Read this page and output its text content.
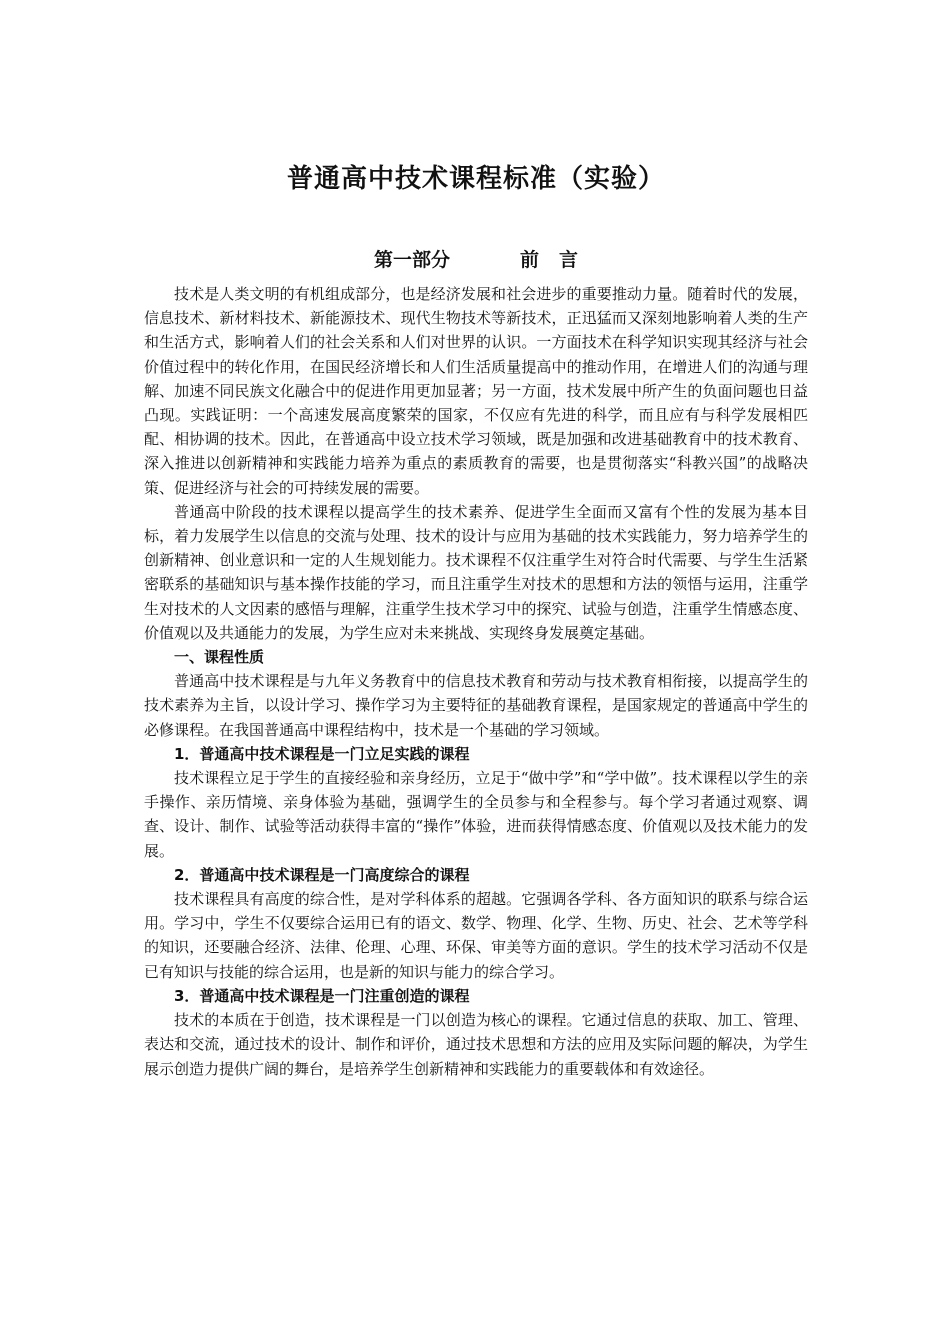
普通高中技术课程标准（实验）
第一部分	前 言

技术是人类文明的有机组成部分，也是经济发展和社会进步的重要推动力量。随着时代的发展，信息技术、新材料技术、新能源技术、现代生物技术等新技术，正迅猛而又深刻地影响着人类的生产和生活方式，影响着人们的社会关系和人们对世界的认识。一方面技术在科学知识实现其经济与社会价值过程中的转化作用，在国民经济增长和人们生活质量提高中的推动作用，在增进人们的沟通与理解、加速不同民族文化融合中的促进作用更加显著；另一方面，技术发展中所产生的负面问题也日益凸现。实践证明：一个高速发展高度繁荣的国家，不仅应有先进的科学，而且应有与科学发展相匹配、相协调的技术。因此，在普通高中设立技术学习领域，既是加强和改进基础教育中的技术教育、深入推进以创新精神和实践能力培养为重点的素质教育的需要，也是贯彻落实“科教兴国”的战略决策、促进经济与社会的可持续发展的需要。

普通高中阶段的技术课程以提高学生的技术素养、促进学生全面而又富有个性的发展为基本目标，着力发展学生以信息的交流与处理、技术的设计与应用为基础的技术实践能力，努力培养学生的创新精神、创业意识和一定的人生规划能力。技术课程不仅注重学生对符合时代需要、与学生生活紧密联系的基础知识与基本操作技能的学习，而且注重学生对技术的思想和方法的领悟与运用，注重学生对技术的人文因素的感悟与理解，注重学生技术学习中的探究、试验与创造，注重学生情感态度、价值观以及共通能力的发展，为学生应对未来挑战、实现终身发展奠定基础。

一、课程性质

普通高中技术课程是与九年义务教育中的信息技术教育和劳动与技术教育相衔接，以提高学生的技术素养为主旨，以设计学习、操作学习为主要特征的基础教育课程，是国家规定的普通高中学生的必修课程。在我国普通高中课程结构中，技术是一个基础的学习领域。

1．普通高中技术课程是一门立足实践的课程

技术课程立足于学生的直接经验和亲身经历，立足于“做中学”和“学中做”。技术课程以学生的亲手操作、亲历情境、亲身体验为基础，强调学生的全员参与和全程参与。每个学习者通过观察、调查、设计、制作、试验等活动获得丰富的“操作”体验，进而获得情感态度、价值观以及技术能力的发展。

2．普通高中技术课程是一门高度综合的课程

技术课程具有高度的综合性，是对学科体系的超越。它强调各学科、各方面知识的联系与综合运用。学习中，学生不仅要综合运用已有的语文、数学、物理、化学、生物、历史、社会、艺术等学科的知识，还要融合经济、法律、伦理、心理、环保、审美等方面的意识。学生的技术学习活动不仅是已有知识与技能的综合运用，也是新的知识与能力的综合学习。

3．普通高中技术课程是一门注重创造的课程

技术的本质在于创造，技术课程是一门以创造为核心的课程。它通过信息的获取、加工、管理、表达和交流，通过技术的设计、制作和评价，通过技术思想和方法的应用及实际问题的解决，为学生展示创造力提供广阔的舞台，是培养学生创新精神和实践能力的重要载体和有效途径。
